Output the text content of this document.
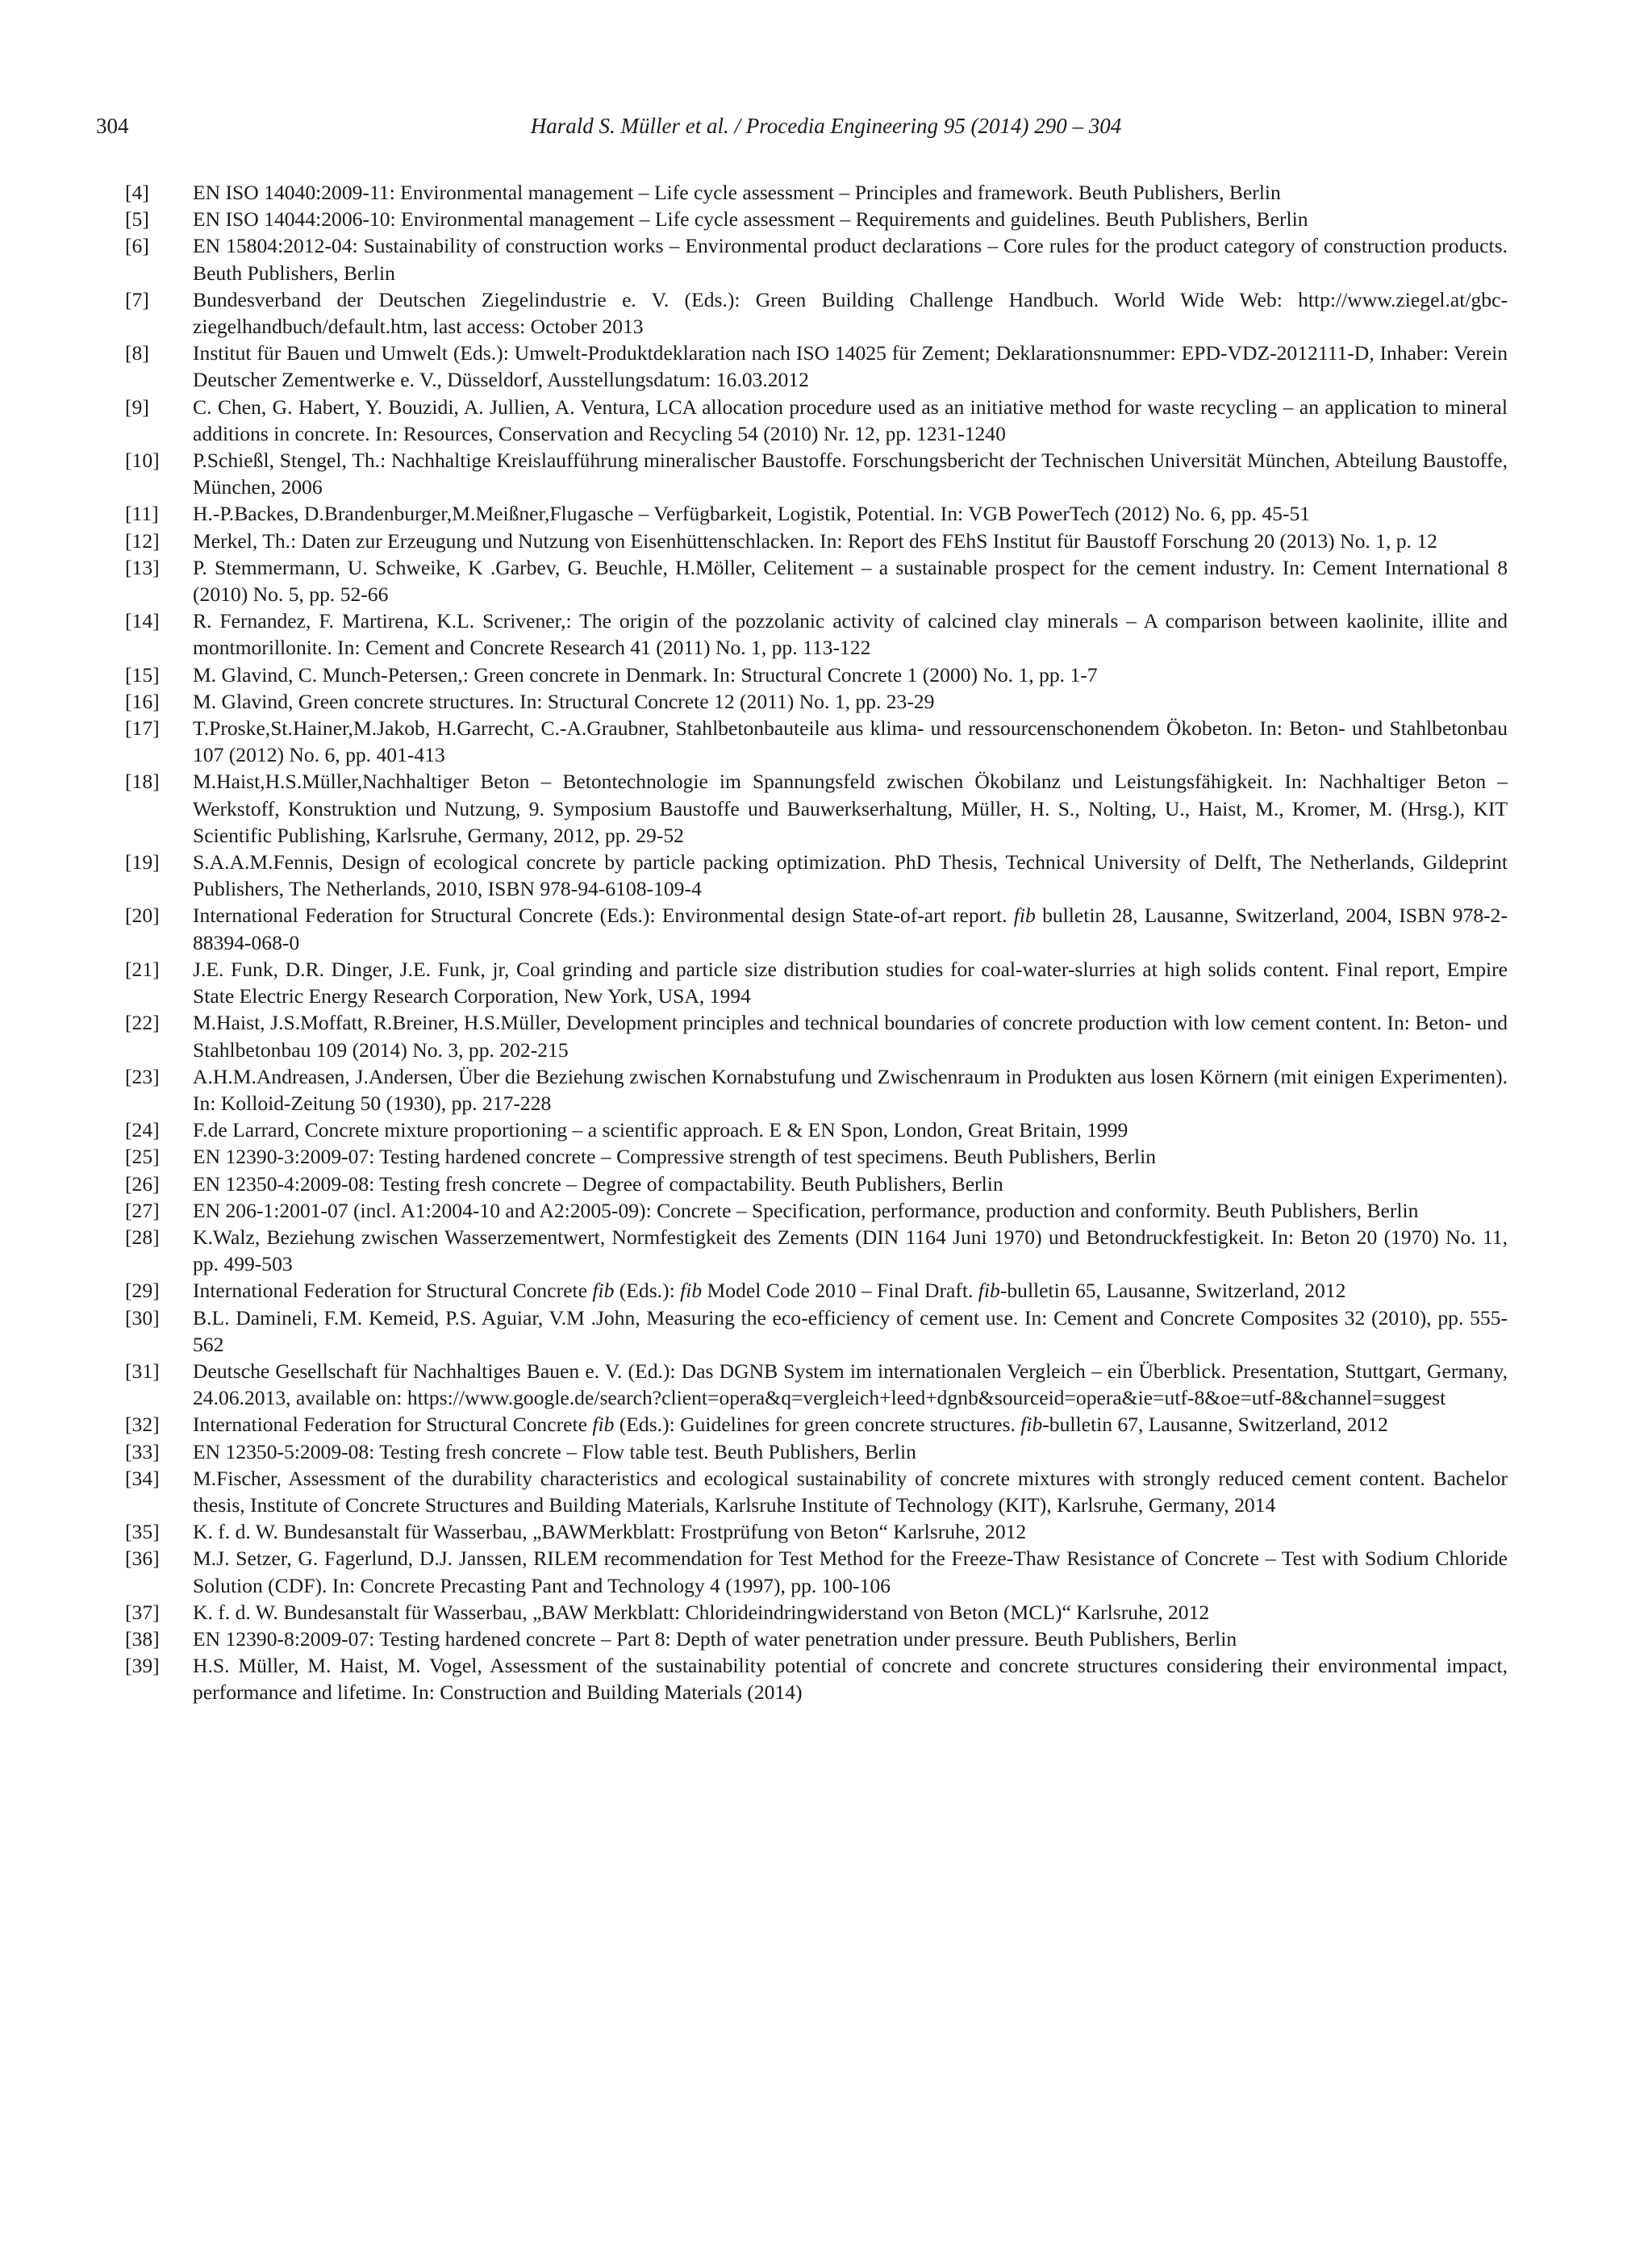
304	Harald S. Müller et al. / Procedia Engineering 95 (2014) 290 – 304
[4]	EN ISO 14040:2009-11: Environmental management – Life cycle assessment – Principles and framework. Beuth Publishers, Berlin
[5]	EN ISO 14044:2006-10: Environmental management – Life cycle assessment – Requirements and guidelines. Beuth Publishers, Berlin
[6]	EN 15804:2012-04: Sustainability of construction works – Environmental product declarations – Core rules for the product category of construction products. Beuth Publishers, Berlin
[7]	Bundesverband der Deutschen Ziegelindustrie e. V. (Eds.): Green Building Challenge Handbuch. World Wide Web: http://www.ziegel.at/gbc-ziegelhandbuch/default.htm, last access: October 2013
[8]	Institut für Bauen und Umwelt (Eds.): Umwelt-Produktdeklaration nach ISO 14025 für Zement; Deklarationsnummer: EPD-VDZ-2012111-D, Inhaber: Verein Deutscher Zementwerke e. V., Düsseldorf, Ausstellungsdatum: 16.03.2012
[9]	C. Chen, G. Habert, Y. Bouzidi, A. Jullien, A. Ventura, LCA allocation procedure used as an initiative method for waste recycling – an application to mineral additions in concrete. In: Resources, Conservation and Recycling 54 (2010) Nr. 12, pp. 1231-1240
[10]	P.Schießl, Stengel, Th.: Nachhaltige Kreislaufführung mineralischer Baustoffe. Forschungsbericht der Technischen Universität München, Abteilung Baustoffe, München, 2006
[11]	H.-P.Backes, D.Brandenburger,M.Meißner,Flugasche – Verfügbarkeit, Logistik, Potential. In: VGB PowerTech (2012) No. 6, pp. 45-51
[12]	Merkel, Th.: Daten zur Erzeugung und Nutzung von Eisenhüttenschlacken. In: Report des FEhS Institut für Baustoff Forschung 20 (2013) No. 1, p. 12
[13]	P. Stemmermann, U. Schweike, K .Garbev, G. Beuchle, H.Möller, Celitement – a sustainable prospect for the cement industry. In: Cement International 8 (2010) No. 5, pp. 52-66
[14]	R. Fernandez, F. Martirena, K.L. Scrivener,: The origin of the pozzolanic activity of calcined clay minerals – A comparison between kaolinite, illite and montmorillonite. In: Cement and Concrete Research 41 (2011) No. 1, pp. 113-122
[15]	M. Glavind, C. Munch-Petersen,: Green concrete in Denmark. In: Structural Concrete 1 (2000) No. 1, pp. 1-7
[16]	M. Glavind, Green concrete structures. In: Structural Concrete 12 (2011) No. 1, pp. 23-29
[17]	T.Proske,St.Hainer,M.Jakob, H.Garrecht, C.-A.Graubner, Stahlbetonbauteile aus klima- und ressourcenschonendem Ökobeton. In: Beton- und Stahlbetonbau 107 (2012) No. 6, pp. 401-413
[18]	M.Haist,H.S.Müller,Nachhaltiger Beton – Betontechnologie im Spannungsfeld zwischen Ökobilanz und Leistungsfähigkeit. In: Nachhaltiger Beton – Werkstoff, Konstruktion und Nutzung, 9. Symposium Baustoffe und Bauwerkserhaltung, Müller, H. S., Nolting, U., Haist, M., Kromer, M. (Hrsg.), KIT Scientific Publishing, Karlsruhe, Germany, 2012, pp. 29-52
[19]	S.A.A.M.Fennis, Design of ecological concrete by particle packing optimization. PhD Thesis, Technical University of Delft, The Netherlands, Gildeprint Publishers, The Netherlands, 2010, ISBN 978-94-6108-109-4
[20]	International Federation for Structural Concrete (Eds.): Environmental design State-of-art report. fib bulletin 28, Lausanne, Switzerland, 2004, ISBN 978-2-88394-068-0
[21]	J.E. Funk, D.R. Dinger, J.E. Funk, jr, Coal grinding and particle size distribution studies for coal-water-slurries at high solids content. Final report, Empire State Electric Energy Research Corporation, New York, USA, 1994
[22]	M.Haist, J.S.Moffatt, R.Breiner, H.S.Müller, Development principles and technical boundaries of concrete production with low cement content. In: Beton- und Stahlbetonbau 109 (2014) No. 3, pp. 202-215
[23]	A.H.M.Andreasen, J.Andersen, Über die Beziehung zwischen Kornabstufung und Zwischenraum in Produkten aus losen Körnern (mit einigen Experimenten). In: Kolloid-Zeitung 50 (1930), pp. 217-228
[24]	F.de Larrard, Concrete mixture proportioning – a scientific approach. E & EN Spon, London, Great Britain, 1999
[25]	EN 12390-3:2009-07: Testing hardened concrete – Compressive strength of test specimens. Beuth Publishers, Berlin
[26]	EN 12350-4:2009-08: Testing fresh concrete – Degree of compactability. Beuth Publishers, Berlin
[27]	EN 206-1:2001-07 (incl. A1:2004-10 and A2:2005-09): Concrete – Specification, performance, production and conformity. Beuth Publishers, Berlin
[28]	K.Walz, Beziehung zwischen Wasserzementwert, Normfestigkeit des Zements (DIN 1164 Juni 1970) und Betondruckfestigkeit. In: Beton 20 (1970) No. 11, pp. 499-503
[29]	International Federation for Structural Concrete fib (Eds.): fib Model Code 2010 – Final Draft. fib-bulletin 65, Lausanne, Switzerland, 2012
[30]	B.L. Damineli, F.M. Kemeid, P.S. Aguiar, V.M .John, Measuring the eco-efficiency of cement use. In: Cement and Concrete Composites 32 (2010), pp. 555-562
[31]	Deutsche Gesellschaft für Nachhaltiges Bauen e. V. (Ed.): Das DGNB System im internationalen Vergleich – ein Überblick. Presentation, Stuttgart, Germany, 24.06.2013, available on: https://www.google.de/search?client=opera&q=vergleich+leed+dgnb&sourceid=opera&ie=utf-8&oe=utf-8&channel=suggest
[32]	International Federation for Structural Concrete fib (Eds.): Guidelines for green concrete structures. fib-bulletin 67, Lausanne, Switzerland, 2012
[33]	EN 12350-5:2009-08: Testing fresh concrete – Flow table test. Beuth Publishers, Berlin
[34]	M.Fischer, Assessment of the durability characteristics and ecological sustainability of concrete mixtures with strongly reduced cement content. Bachelor thesis, Institute of Concrete Structures and Building Materials, Karlsruhe Institute of Technology (KIT), Karlsruhe, Germany, 2014
[35]	K. f. d. W. Bundesanstalt für Wasserbau, „BAWMerkblatt: Frostprüfung von Beton“ Karlsruhe, 2012
[36]	M.J. Setzer, G. Fagerlund, D.J. Janssen, RILEM recommendation for Test Method for the Freeze-Thaw Resistance of Concrete – Test with Sodium Chloride Solution (CDF). In: Concrete Precasting Pant and Technology 4 (1997), pp. 100-106
[37]	K. f. d. W. Bundesanstalt für Wasserbau, „BAW Merkblatt: Chlorideindringwiderstand von Beton (MCL)“ Karlsruhe, 2012
[38]	EN 12390-8:2009-07: Testing hardened concrete – Part 8: Depth of water penetration under pressure. Beuth Publishers, Berlin
[39]	H.S. Müller, M. Haist, M. Vogel, Assessment of the sustainability potential of concrete and concrete structures considering their environmental impact, performance and lifetime. In: Construction and Building Materials (2014)
